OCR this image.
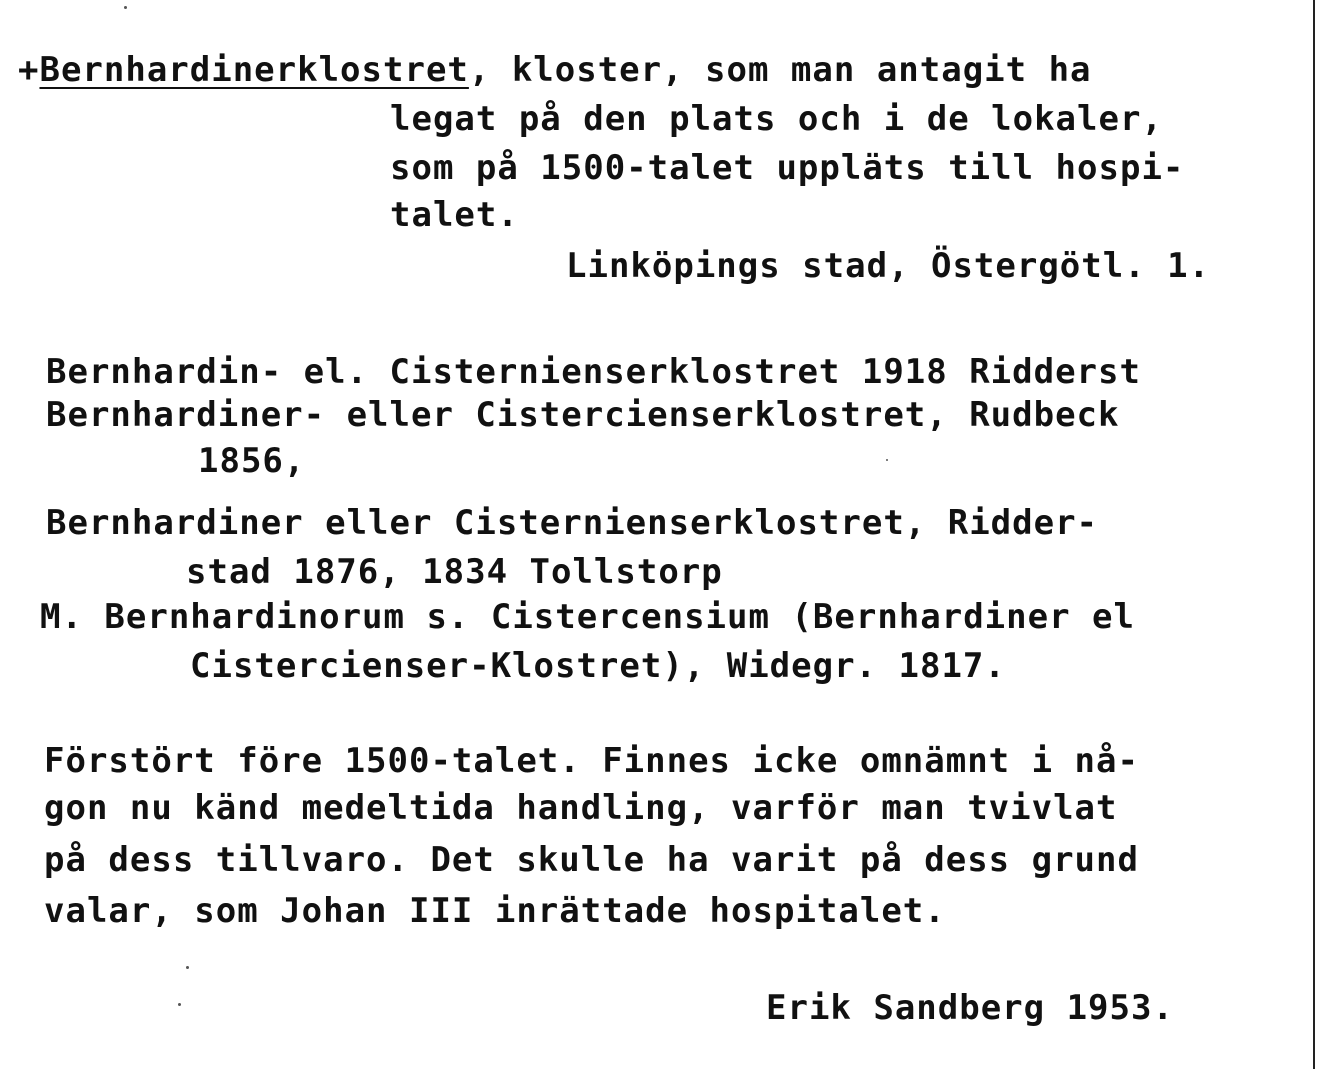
+Bernhardinerklostret, kloster, som man antagit ha
legat på den plats och i de lokaler,
som på 1500-talet uppläts till hospi-
talet.
Linköpings stad, Östergötl. 1.
Bernhardin- el. Cisternienserklostret 1918 Ridderst
Bernhardiner- eller Cistercienserklostret, Rudbeck
1856,
Bernhardiner eller Cisternienserklostret, Ridder-
stad 1876, 1834 Tollstorp
M. Bernhardinorum s. Cistercensium (Bernhardiner el
Cistercienser-Klostret), Widegr. 1817.
Förstört före 1500-talet. Finnes icke omnämnt i nå-
gon nu känd medeltida handling, varför man tvivlat
på dess tillvaro. Det skulle ha varit på dess grund
valar, som Johan III inrättade hospitalet.
Erik Sandberg 1953.
